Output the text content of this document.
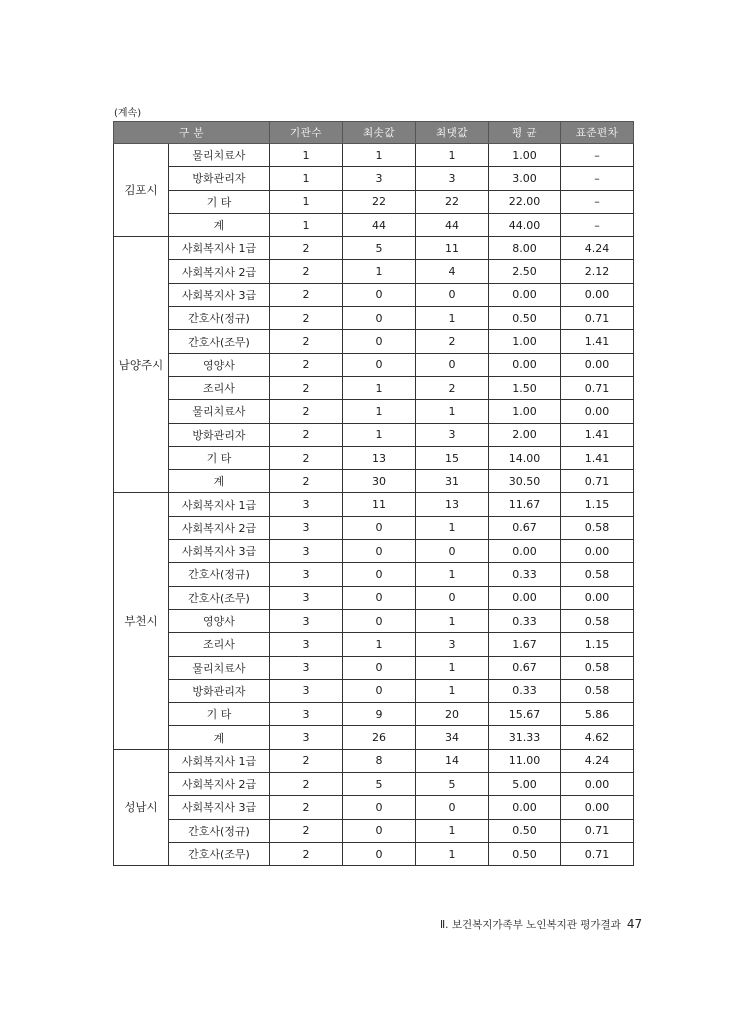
(계속)
구 분		기관수	최솟값	최댓값	평 균	표준편차
김포시	물리치료사	1	1	1	1.00	–
	방화관리자	1	3	3	3.00	–
	기 타	1	22	22	22.00	–
	계	1	44	44	44.00	–
남양주시	사회복지사 1급	2	5	11	8.00	4.24
	사회복지사 2급	2	1	4	2.50	2.12
	사회복지사 3급	2	0	0	0.00	0.00
	간호사(정규)	2	0	1	0.50	0.71
	간호사(조무)	2	0	2	1.00	1.41
	영양사	2	0	0	0.00	0.00
	조리사	2	1	2	1.50	0.71
	물리치료사	2	1	1	1.00	0.00
	방화관리자	2	1	3	2.00	1.41
	기 타	2	13	15	14.00	1.41
	계	2	30	31	30.50	0.71
부천시	사회복지사 1급	3	11	13	11.67	1.15
	사회복지사 2급	3	0	1	0.67	0.58
	사회복지사 3급	3	0	0	0.00	0.00
	간호사(정규)	3	0	1	0.33	0.58
	간호사(조무)	3	0	0	0.00	0.00
	영양사	3	0	1	0.33	0.58
	조리사	3	1	3	1.67	1.15
	물리치료사	3	0	1	0.67	0.58
	방화관리자	3	0	1	0.33	0.58
	기 타	3	9	20	15.67	5.86
	계	3	26	34	31.33	4.62
성남시	사회복지사 1급	2	8	14	11.00	4.24
	사회복지사 2급	2	5	5	5.00	0.00
	사회복지사 3급	2	0	0	0.00	0.00
	간호사(정규)	2	0	1	0.50	0.71
	간호사(조무)	2	0	1	0.50	0.71
Ⅱ. 보건복지가족부 노인복지관 평가결과 47
